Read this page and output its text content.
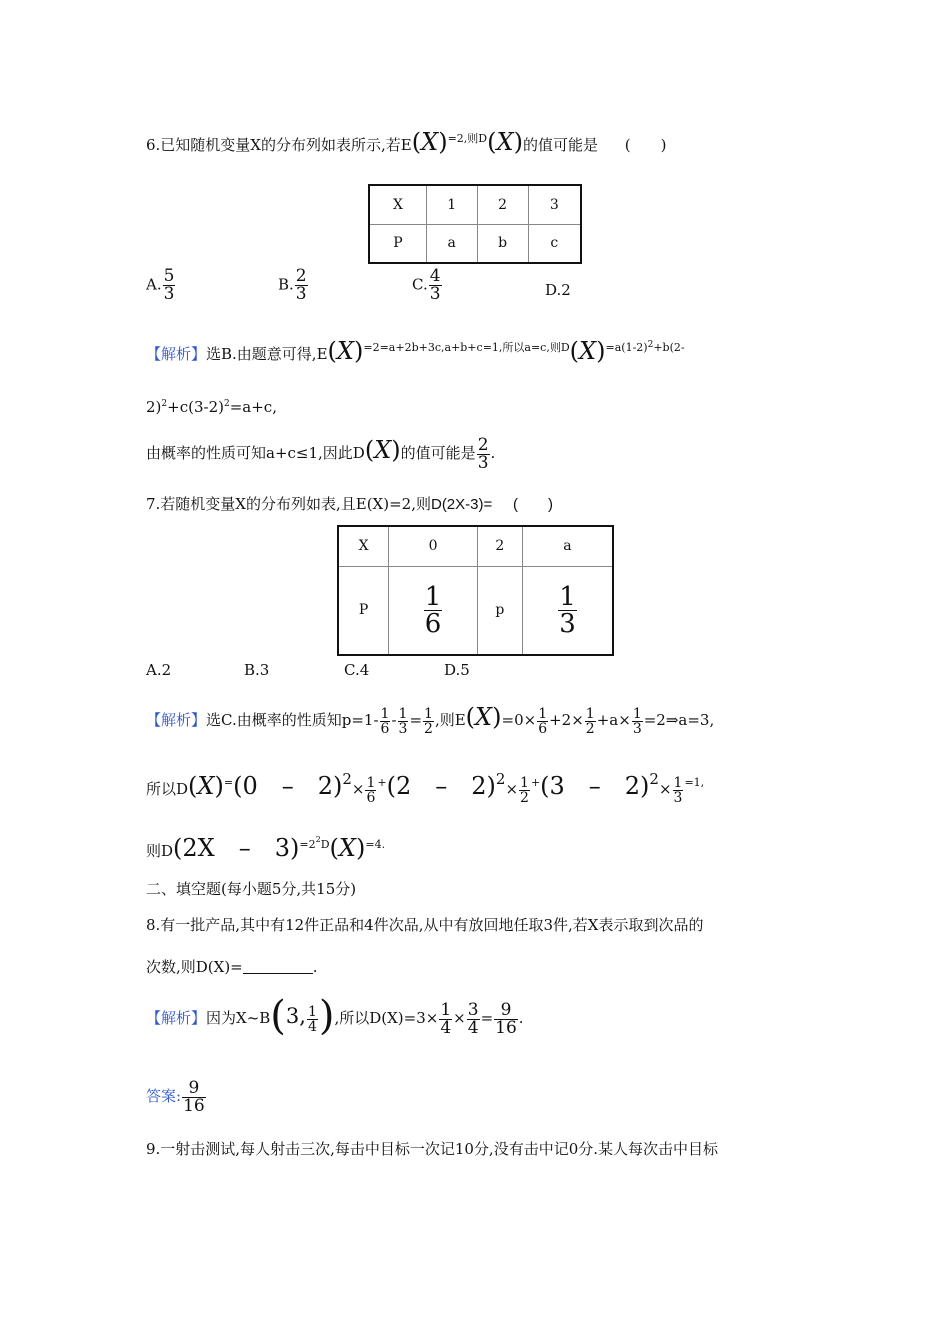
6.已知随机变量X的分布列如表所示,若$E(X)^{=2,则D}(X)$的值可能是 (　　)
X	1	2	3
P	a	b	c
A. $\frac{5}{3}$	B. $\frac{2}{3}$	C. $\frac{4}{3}$	D.2
【解析】选B.由题意可得$,E(X)^{=2=a+2b+3c,a+b+c=1,所以a=c,则D}(X)^{=a(1-2)2+b(2-}$
$2)^2+c(3-2)^2=a+c$,
由概率的性质可知a+c≤1,因此D(X)的值可能是 $\frac{2}{3}$ .
7.若随机变量X的分布列如表,且E(X)=2,则D(2X-3)= (　　)
X	0	2	a
P	$\frac{1}{6}$	p	$\frac{1}{3}$
A.2	B.3	C.4	D.5
【解析】选C.由概率的性质知$p=1- \frac{1}{6} - \frac{1}{3} = \frac{1}{2}$ ,则$E(X)=0\times \frac{1}{6} +2\times \frac{1}{2} +a\times \frac{1}{3}$ =2⇒a=3,
所以D(X)=(0　–　$2)2\times \frac{1}{6} ^+(2$　–　$2)2\times \frac{1}{2} ^+(3$　–　$2)2\times \frac{1}{3} ^{=1,}$
则D(2X　–　$3)^{=22D}(X)^{=4.}$
二、填空题(每小题5分,共15分)
8.有一批产品,其中有12件正品和4件次品,从中有放回地任取3件,若X表示取到次品的
次数,则D(X)=	.
【解析】因为X~B(3, $\frac{1}{4}$ ),所以$D(X)=3\times \frac{1}{4} \times \frac{3}{4} = \frac{9}{16}$ .
答案: $\frac{9}{16}$
9.一射击测试,每人射击三次,每击中目标一次记10分,没有击中记0分.某人每次击中目标
